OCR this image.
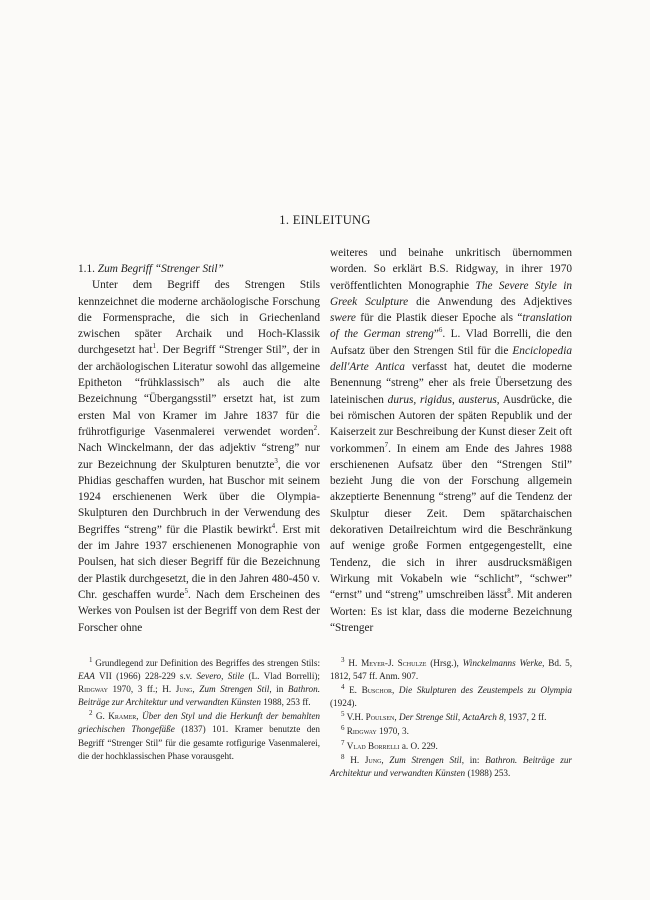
1. EINLEITUNG

1.1. Zum Begriff “Strenger Stil”

Unter dem Begriff des Strengen Stils kennzeichnet die moderne archäologische Forschung die Formensprache, die sich in Griechenland zwischen später Archaik und Hoch-Klassik durchgesetzt hat$^1$. Der Begriff “Strenger Stil”, der in der archäologischen Literatur sowohl das allgemeine Epitheton “frühklassisch” als auch die alte Bezeichnung “Übergangsstil” ersetzt hat, ist zum ersten Mal von Kramer im Jahre 1837 für die frührotfigurige Vasenmalerei verwendet worden$^2$. Nach Winckelmann, der das adjektiv “streng” nur zur Bezeichnung der Skulpturen benutzte$^3$, die vor Phidias geschaffen wurden, hat Buschor mit seinem 1924 erschienenen Werk über die Olympia-Skulpturen den Durchbruch in der Verwendung des Begriffes “streng” für die Plastik bewirkt$^4$. Erst mit der im Jahre 1937 erschienenen Monographie von Poulsen, hat sich dieser Begriff für die Bezeichnung der Plastik durchgesetzt, die in den Jahren 480-450 v. Chr. geschaffen wurde$^5$. Nach dem Erscheinen des Werkes von Poulsen ist der Begriff von dem Rest der Forscher ohne

weiteres und beinahe unkritisch übernommen worden. So erklärt B.S. Ridgway, in ihrer 1970 veröffentlichten Monographie The Severe Style in Greek Sculpture die Anwendung des Adjektives swere für die Plastik dieser Epoche als “translation of the German streng”$^6$. L. Vlad Borrelli, die den Aufsatz über den Strengen Stil für die Enciclopedia dell'Arte Antica verfasst hat, deutet die moderne Benennung “streng” eher als freie Übersetzung des lateinischen durus, rigidus, austerus, Ausdrücke, die bei römischen Autoren der späten Republik und der Kaiserzeit zur Beschreibung der Kunst dieser Zeit oft vorkommen$^7$. In einem am Ende des Jahres 1988 erschienenen Aufsatz über den “Strengen Stil” bezieht Jung die von der Forschung allgemein akzeptierte Benennung “streng” auf die Tendenz der Skulptur dieser Zeit. Dem spätarchaischen dekorativen Detailreichtum wird die Beschränkung auf wenige große Formen entgegengestellt, eine Tendenz, die sich in ihrer ausdrucksmäßigen Wirkung mit Vokabeln wie “schlicht”, “schwer” “ernst” und “streng” umschreiben lässt$^8$. Mit anderen Worten: Es ist klar, dass die moderne Bezeichnung “Strenger

$^1$ Grundlegend zur Definition des Begriffes des strengen Stils: EAA VII (1966) 228-229 s.v. Severo, Stile (L. Vlad Borrelli); Ridgway 1970, 3 ff.; H. Jung, Zum Strengen Stil, in Bathron. Beiträge zur Architektur und verwandten Künsten 1988, 253 ff.

$^2$ G. Kramer, Über den Styl und die Herkunft der bemahlten griechischen Thongefäße (1837) 101. Kramer benutzte den Begriff “Strenger Stil” für die gesamte rotfigurige Vasenmalerei, die der hochklassischen Phase vorausgeht.

$^3$ H. Meyer-J. Schulze (Hrsg.), Winckelmanns Werke, Bd. 5, 1812, 547 ff. Anm. 907.

$^4$ E. Buschor, Die Skulpturen des Zeustempels zu Olympia (1924).

$^5$ V.H. Poulsen, Der Strenge Stil, ActaArch 8, 1937, 2 ff.

$^6$ Ridgway 1970, 3.

$^7$ Vlad Borrelli a. O. 229.

$^8$ H. Jung, Zum Strengen Stil, in: Bathron. Beiträge zur Architektur und verwandten Künsten (1988) 253.
